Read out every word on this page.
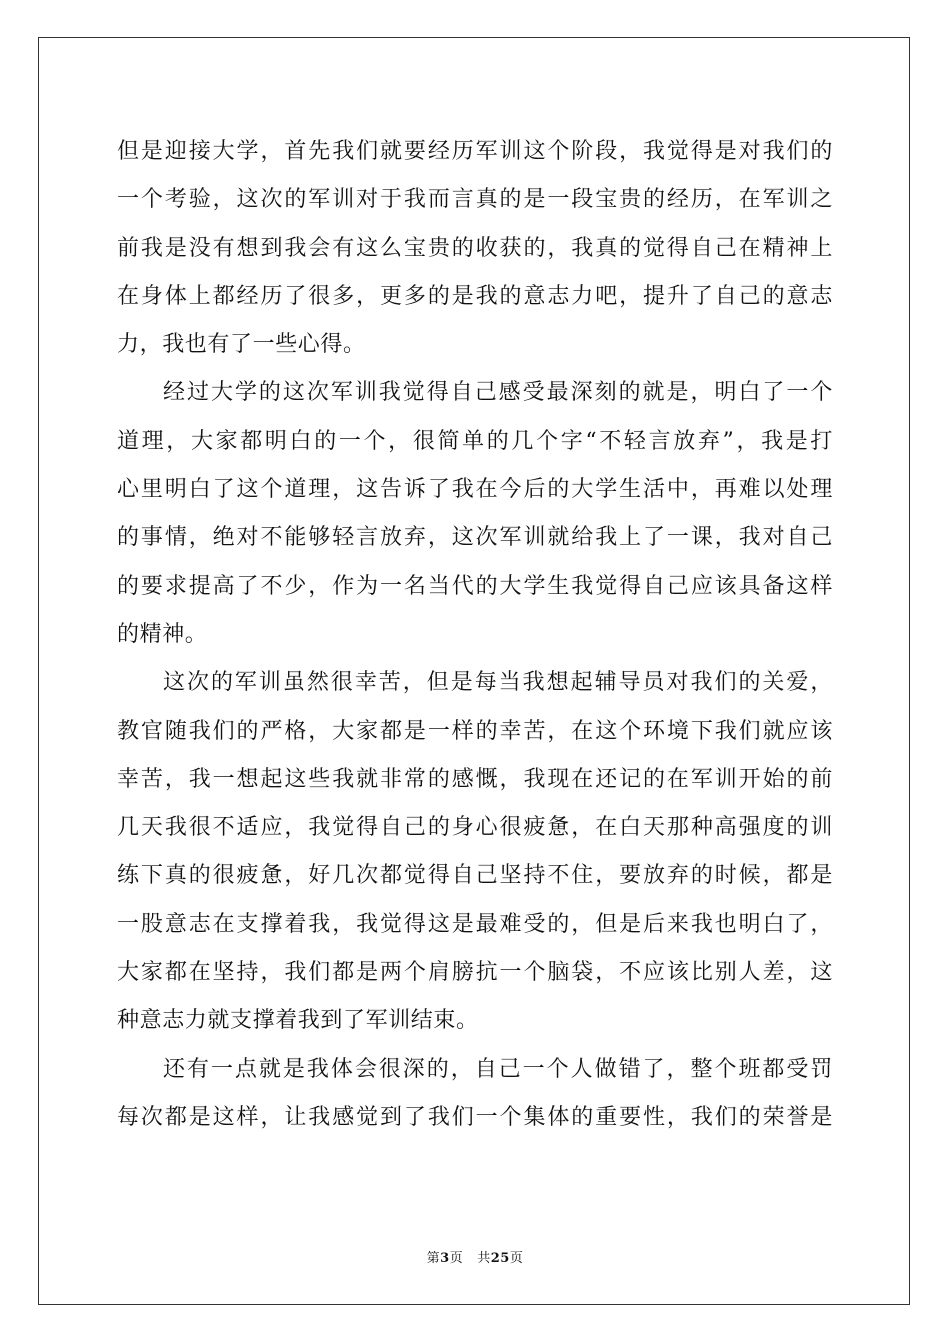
但是迎接大学，首先我们就要经历军训这个阶段，我觉得是对我们的
一个考验，这次的军训对于我而言真的是一段宝贵的经历，在军训之
前我是没有想到我会有这么宝贵的收获的，我真的觉得自己在精神上
在身体上都经历了很多，更多的是我的意志力吧，提升了自己的意志
力，我也有了一些心得。
经过大学的这次军训我觉得自己感受最深刻的就是，明白了一个
道理，大家都明白的一个，很简单的几个字“不轻言放弃”，我是打
心里明白了这个道理，这告诉了我在今后的大学生活中，再难以处理
的事情，绝对不能够轻言放弃，这次军训就给我上了一课，我对自己
的要求提高了不少，作为一名当代的大学生我觉得自己应该具备这样
的精神。
这次的军训虽然很幸苦，但是每当我想起辅导员对我们的关爱，
教官随我们的严格，大家都是一样的幸苦，在这个环境下我们就应该
幸苦，我一想起这些我就非常的感慨，我现在还记的在军训开始的前
几天我很不适应，我觉得自己的身心很疲惫，在白天那种高强度的训
练下真的很疲惫，好几次都觉得自己坚持不住，要放弃的时候，都是
一股意志在支撑着我，我觉得这是最难受的，但是后来我也明白了，
大家都在坚持，我们都是两个肩膀抗一个脑袋，不应该比别人差，这
种意志力就支撑着我到了军训结束。
还有一点就是我体会很深的，自己一个人做错了，整个班都受罚
每次都是这样，让我感觉到了我们一个集体的重要性，我们的荣誉是
第3页 共25页
